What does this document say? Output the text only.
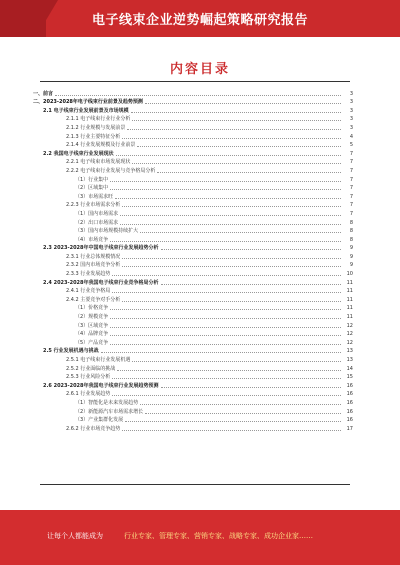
电子线束企业逆势崛起策略研究报告
内容目录
一、前言	3
二、2023-2028年电子线束行业前景及趋势预测	3
2.1 电子线束行业发展前景及市场规模	3
2.1.1 电子线束行业行业分析	3
2.1.2 行业规模与发展前景	3
2.1.3 行业主要特征分析	4
2.1.4 行业发展规模及行业前景	5
2.2 我国电子线束行业发展现状	7
2.2.1 电子线束市场发展现状	7
2.2.2 电子线束行业发展与竞争格局分析	7
（1）行业集中	7
（2）区域集中	7
（3）市场需求旺	7
2.2.3 行业市场需求分析	7
（1）国内市场需求	7
（2）出口市场需求	8
（3）国内市场规模持续扩大	8
（4）市场竞争	8
2.3 2023-2028年中国电子线束行业发展趋势分析	9
2.3.1 行业总体规模情况	9
2.3.2 国内市场竞争分析	9
2.3.3 行业发展趋势	10
2.4 2023-2028年我国电子线束行业竞争格局分析	11
2.4.1 行业竞争格局	11
2.4.2 主要竞争对手分析	11
（1）价格竞争	11
（2）规模竞争	11
（3）区域竞争	12
（4）品牌竞争	12
（5）产品竞争	12
2.5 行业发展机遇与挑战	13
2.5.1 电子线束行业发展机遇	13
2.5.2 行业面临的挑战	14
2.5.3 行业风险分析	15
2.6 2023-2028年我国电子线束行业发展趋势预测	16
2.6.1 行业发展趋势	16
（1）智能化是未来发展趋势	16
（2）新能源汽车市场需求增长	16
（3）产业集群化发展	16
2.6.2 行业市场竞争趋势	17
让每个人都能成为	行业专家、管理专家、营销专家、战略专家、成功企业家……
